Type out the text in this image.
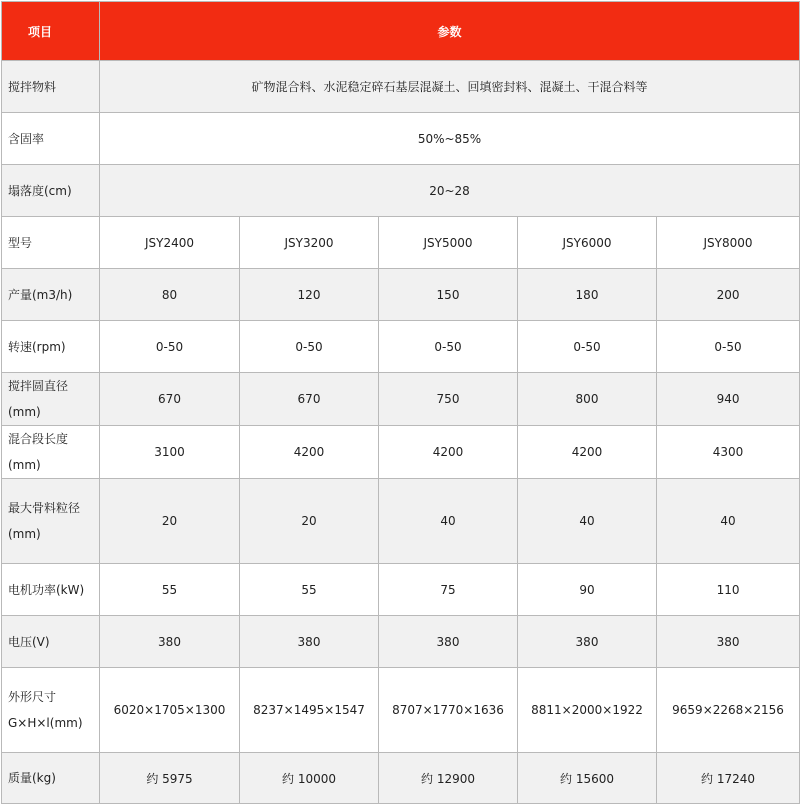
项目	参数				
搅拌物料	矿物混合料、水泥稳定碎石基层混凝土、回填密封料、混凝土、干混合料等				
含固率	50%~85%				
塌落度(cm)	20~28				
型号	JSY2400	JSY3200	JSY5000	JSY6000	JSY8000
产量(m3/h)	80	120	150	180	200
转速(rpm)	0-50	0-50	0-50	0-50	0-50
搅拌圆直径(mm)	670	670	750	800	940
混合段长度(mm)	3100	4200	4200	4200	4300
最大骨料粒径(mm)	20	20	40	40	40
电机功率(kW)	55	55	75	90	110
电压(V)	380	380	380	380	380
外形尺寸 G×H×l(mm)	6020×1705×1300	8237×1495×1547	8707×1770×1636	8811×2000×1922	9659×2268×2156
质量(kg)	约 5975	约 10000	约 12900	约 15600	约 17240
